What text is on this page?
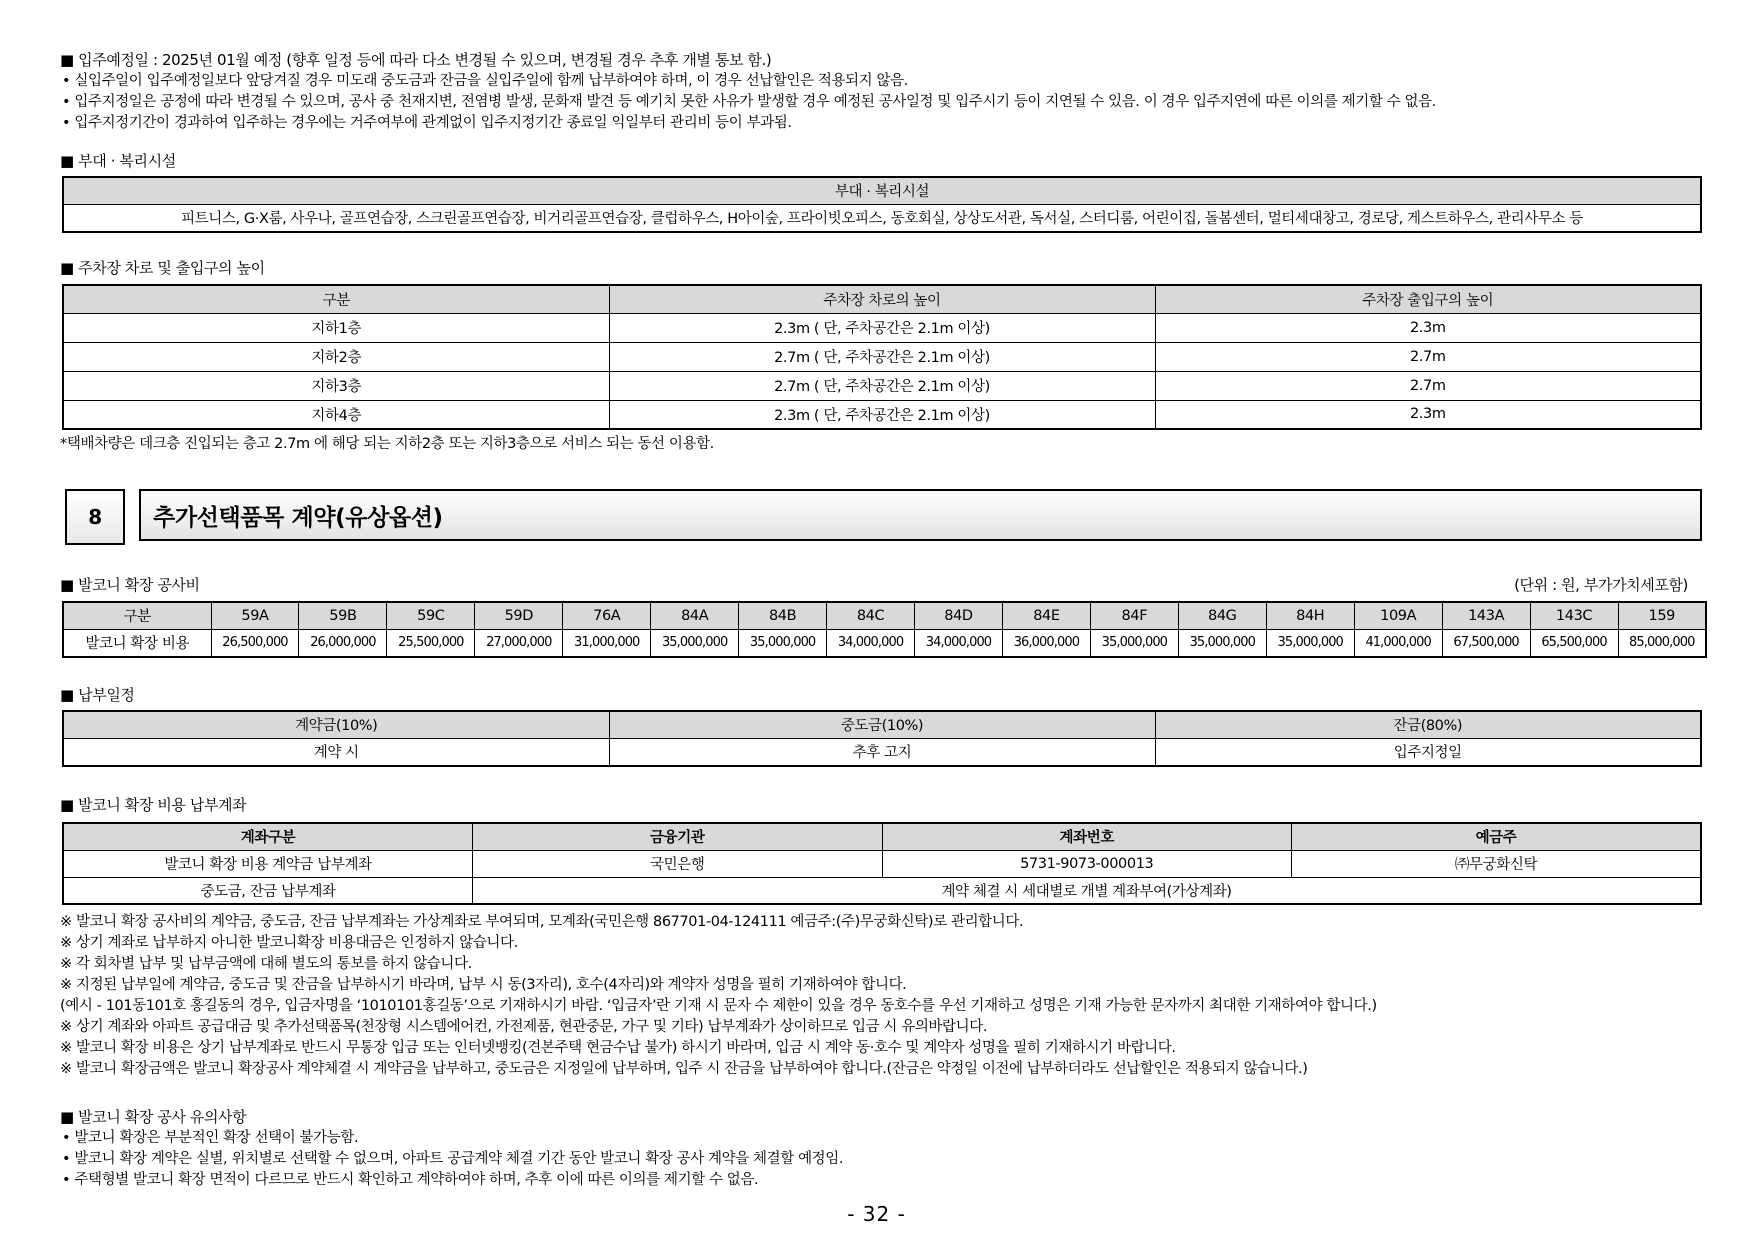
■ 입주예정일 : 2025년 01월 예정 (향후 일정 등에 따라 다소 변경될 수 있으며, 변경될 경우 추후 개별 통보 함.)

• 실입주일이 입주예정일보다 앞당겨질 경우 미도래 중도금과 잔금을 실입주일에 함께 납부하여야 하며, 이 경우 선납할인은 적용되지 않음.

• 입주지정일은 공정에 따라 변경될 수 있으며, 공사 중 천재지변, 전염병 발생, 문화재 발견 등 예기치 못한 사유가 발생할 경우 예정된 공사일정 및 입주시기 등이 지연될 수 있음. 이 경우 입주지연에 따른 이의를 제기할 수 없음.

• 입주지정기간이 경과하여 입주하는 경우에는 거주여부에 관계없이 입주지정기간 종료일 익일부터 관리비 등이 부과됨.

■ 부대 · 복리시설

부대 · 복리시설
피트니스, G·X룸, 사우나, 골프연습장, 스크린골프연습장, 비거리골프연습장, 클럽하우스, H아이숲, 프라이빗오피스, 동호회실, 상상도서관, 독서실, 스터디룸, 어린이집, 돌봄센터, 멀티세대창고, 경로당, 게스트하우스, 관리사무소 등

■ 주차장 차로 및 출입구의 높이

구분	주차장 차로의 높이	주차장 출입구의 높이
지하1층	2.3m ( 단, 주차공간은 2.1m 이상)	2.3m
지하2층	2.7m ( 단, 주차공간은 2.1m 이상)	2.7m
지하3층	2.7m ( 단, 주차공간은 2.1m 이상)	2.7m
지하4층	2.3m ( 단, 주차공간은 2.1m 이상)	2.3m

*택배차량은 데크층 진입되는 층고 2.7m 에 해당 되는 지하2층 또는 지하3층으로 서비스 되는 동선 이용함.

8	추가선택품목 계약(유상옵션)

■ 발코니 확장 공사비	(단위 : 원, 부가가치세포함)

구분	59A	59B	59C	59D	76A	84A	84B	84C	84D	84E	84F	84G	84H	109A	143A	143C	159
발코니 확장 비용	26,500,000	26,000,000	25,500,000	27,000,000	31,000,000	35,000,000	35,000,000	34,000,000	34,000,000	36,000,000	35,000,000	35,000,000	35,000,000	41,000,000	67,500,000	65,500,000	85,000,000

■ 납부일정

계약금(10%)	중도금(10%)	잔금(80%)
계약 시	추후 고지	입주지정일

■ 발코니 확장 비용 납부계좌

계좌구분	금융기관	계좌번호	예금주
발코니 확장 비용 계약금 납부계좌	국민은행	5731-9073-000013	㈜무궁화신탁
중도금, 잔금 납부계좌	계약 체결 시 세대별로 개별 계좌부여(가상계좌)		

※ 발코니 확장 공사비의 계약금, 중도금, 잔금 납부계좌는 가상계좌로 부여되며, 모계좌(국민은행 867701-04-124111 예금주:(주)무궁화신탁)로 관리합니다.

※ 상기 계좌로 납부하지 아니한 발코니확장 비용대금은 인정하지 않습니다.

※ 각 회차별 납부 및 납부금액에 대해 별도의 통보를 하지 않습니다.

※ 지정된 납부일에 계약금, 중도금 및 잔금을 납부하시기 바라며, 납부 시 동(3자리), 호수(4자리)와 계약자 성명을 필히 기재하여야 합니다.

(예시 - 101동101호 홍길동의 경우, 입금자명을 ‘1010101홍길동’으로 기재하시기 바람. ‘입금자’란 기재 시 문자 수 제한이 있을 경우 동호수를 우선 기재하고 성명은 기재 가능한 문자까지 최대한 기재하여야 합니다.)

※ 상기 계좌와 아파트 공급대금 및 추가선택품목(천장형 시스템에어컨, 가전제품, 현관중문, 가구 및 기타) 납부계좌가 상이하므로 입금 시 유의바랍니다.

※ 발코니 확장 비용은 상기 납부계좌로 반드시 무통장 입금 또는 인터넷뱅킹(견본주택 현금수납 불가) 하시기 바라며, 입금 시 계약 동·호수 및 계약자 성명을 필히 기재하시기 바랍니다.

※ 발코니 확장금액은 발코니 확장공사 계약체결 시 계약금을 납부하고, 중도금은 지정일에 납부하며, 입주 시 잔금을 납부하여야 합니다.(잔금은 약정일 이전에 납부하더라도 선납할인은 적용되지 않습니다.)

■ 발코니 확장 공사 유의사항

• 발코니 확장은 부분적인 확장 선택이 불가능함.

• 발코니 확장 계약은 실별, 위치별로 선택할 수 없으며, 아파트 공급계약 체결 기간 동안 발코니 확장 공사 계약을 체결할 예정임.

• 주택형별 발코니 확장 면적이 다르므로 반드시 확인하고 계약하여야 하며, 추후 이에 따른 이의를 제기할 수 없음.

- 32 -
